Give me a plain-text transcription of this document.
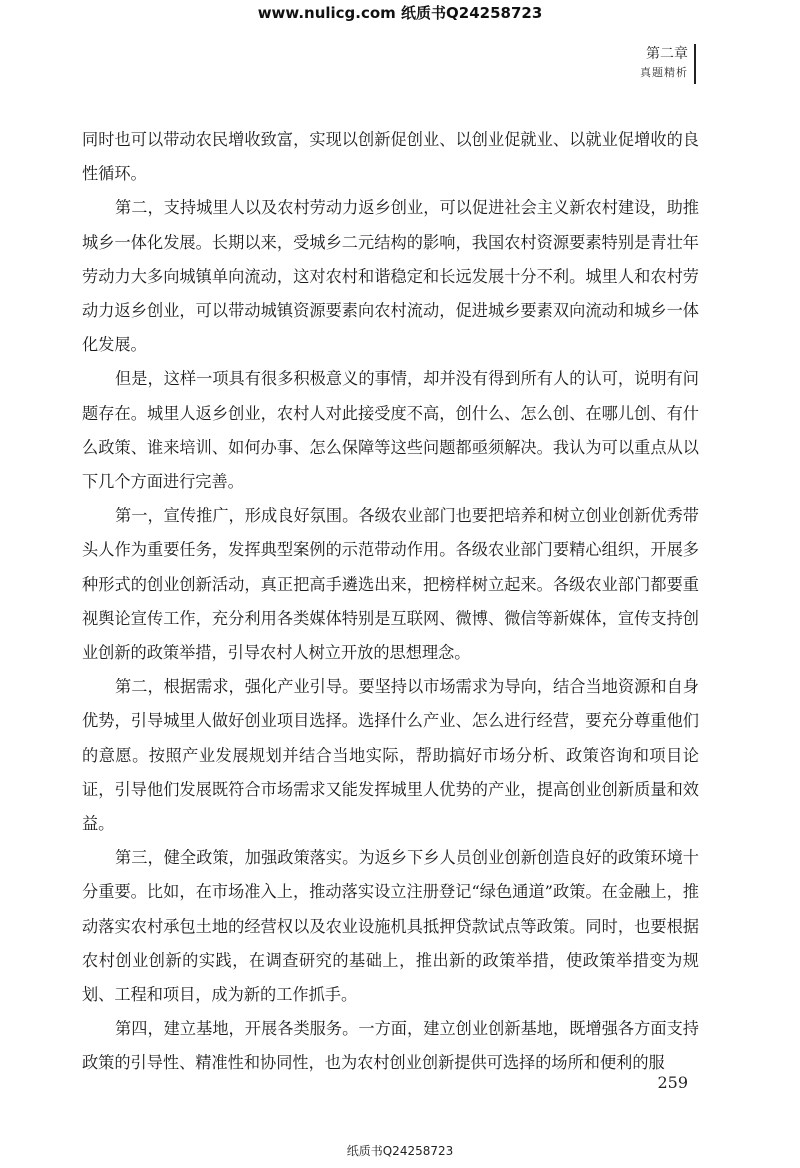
www.nulicg.com 纸质书Q24258723
第二章
真题精析

同时也可以带动农民增收致富，实现以创新促创业、以创业促就业、以就业促增收的良性循环。

第二，支持城里人以及农村劳动力返乡创业，可以促进社会主义新农村建设，助推城乡一体化发展。长期以来，受城乡二元结构的影响，我国农村资源要素特别是青壮年劳动力大多向城镇单向流动，这对农村和谐稳定和长远发展十分不利。城里人和农村劳动力返乡创业，可以带动城镇资源要素向农村流动，促进城乡要素双向流动和城乡一体化发展。

但是，这样一项具有很多积极意义的事情，却并没有得到所有人的认可，说明有问题存在。城里人返乡创业，农村人对此接受度不高，创什么、怎么创、在哪儿创、有什么政策、谁来培训、如何办事、怎么保障等这些问题都亟须解决。我认为可以重点从以下几个方面进行完善。

第一，宣传推广，形成良好氛围。各级农业部门也要把培养和树立创业创新优秀带头人作为重要任务，发挥典型案例的示范带动作用。各级农业部门要精心组织，开展多种形式的创业创新活动，真正把高手遴选出来，把榜样树立起来。各级农业部门都要重视舆论宣传工作，充分利用各类媒体特别是互联网、微博、微信等新媒体，宣传支持创业创新的政策举措，引导农村人树立开放的思想理念。

第二，根据需求，强化产业引导。要坚持以市场需求为导向，结合当地资源和自身优势，引导城里人做好创业项目选择。选择什么产业、怎么进行经营，要充分尊重他们的意愿。按照产业发展规划并结合当地实际，帮助搞好市场分析、政策咨询和项目论证，引导他们发展既符合市场需求又能发挥城里人优势的产业，提高创业创新质量和效益。

第三，健全政策，加强政策落实。为返乡下乡人员创业创新创造良好的政策环境十分重要。比如，在市场准入上，推动落实设立注册登记“绿色通道”政策。在金融上，推动落实农村承包土地的经营权以及农业设施机具抵押贷款试点等政策。同时，也要根据农村创业创新的实践，在调查研究的基础上，推出新的政策举措，使政策举措变为规划、工程和项目，成为新的工作抓手。

第四，建立基地，开展各类服务。一方面，建立创业创新基地，既增强各方面支持政策的引导性、精准性和协同性，也为农村创业创新提供可选择的场所和便利的服

259
纸质书Q24258723
